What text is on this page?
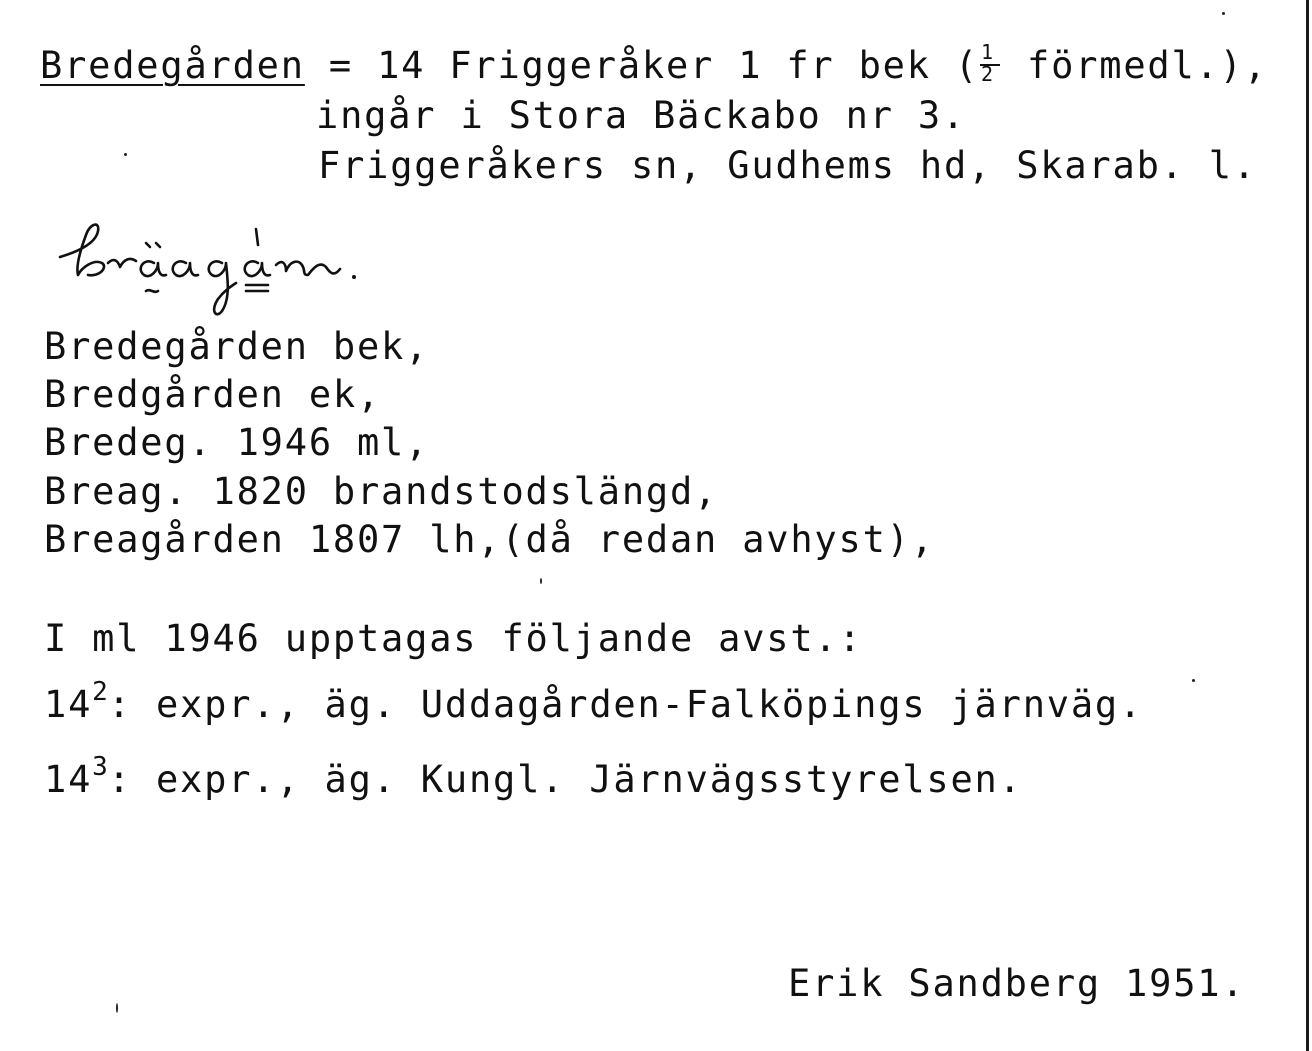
Bredegården = 14 Friggeråker 1 fr bek ( $\frac{1}{2}$ förmedl.),
ingår i Stora Bäckabo nr 3.
Friggeråkers sn, Gudhems hd, Skarab. l.
Bredegården bek,
Bredgården ek,
Bredeg. 1946 ml,
Breag. 1820 brandstodslängd,
Breagården 1807 lh,(då redan avhyst),
I ml 1946 upptagas följande avst.:
$14^2$: expr., äg. Uddagården-Falköpings järnväg.
$14^3$: expr., äg. Kungl. Järnvägsstyrelsen.
Erik Sandberg 1951.
